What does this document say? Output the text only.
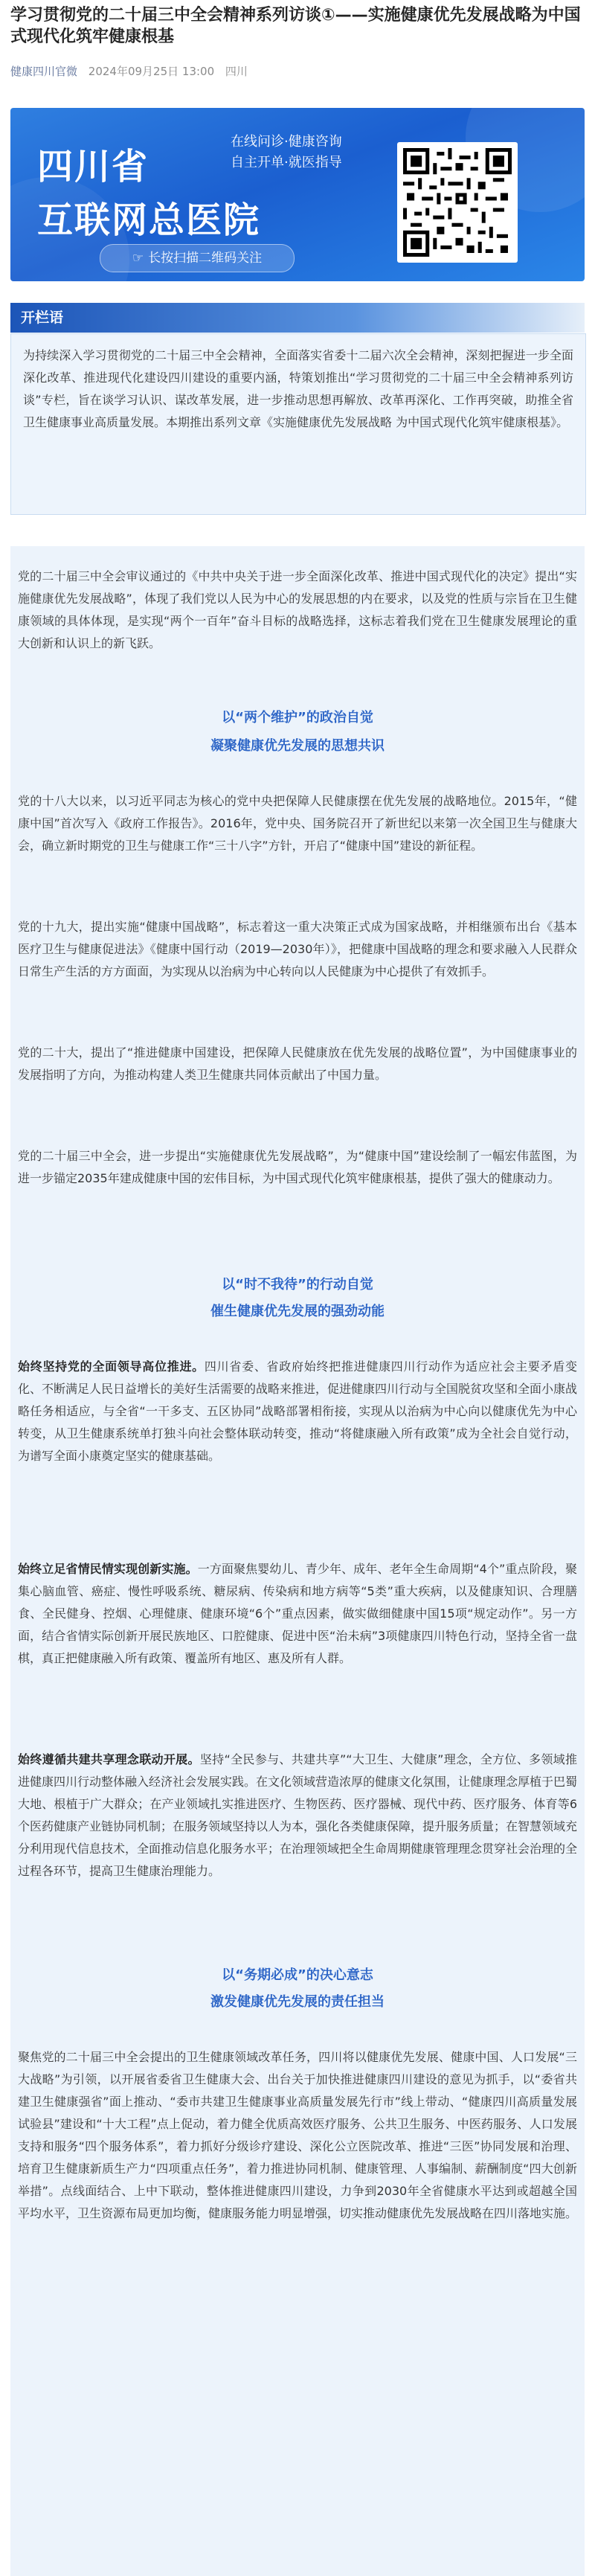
学习贯彻党的二十届三中全会精神系列访谈①——实施健康优先发展战略为中国式现代化筑牢健康根基
健康四川官微 2024年09月25日 13:00 四川
四川省
在线问诊·健康咨询
自主开单·就医指导
互联网总医院
☞ 长按扫描二维码关注
开栏语
为持续深入学习贯彻党的二十届三中全会精神，全面落实省委十二届六次全会精神，深刻把握进一步全面深化改革、推进现代化建设四川建设的重要内涵，特策划推出“学习贯彻党的二十届三中全会精神系列访谈”专栏，旨在谈学习认识、谋改革发展，进一步推动思想再解放、改革再深化、工作再突破，助推全省卫生健康事业高质量发展。本期推出系列文章《实施健康优先发展战略 为中国式现代化筑牢健康根基》。

党的二十届三中全会审议通过的《中共中央关于进一步全面深化改革、推进中国式现代化的决定》提出“实施健康优先发展战略”，体现了我们党以人民为中心的发展思想的内在要求，以及党的性质与宗旨在卫生健康领域的具体体现，是实现“两个一百年”奋斗目标的战略选择，这标志着我们党在卫生健康发展理论的重大创新和认识上的新飞跃。

以“两个维护”的政治自觉
凝聚健康优先发展的思想共识

党的十八大以来，以习近平同志为核心的党中央把保障人民健康摆在优先发展的战略地位。2015年，“健康中国”首次写入《政府工作报告》。2016年，党中央、国务院召开了新世纪以来第一次全国卫生与健康大会，确立新时期党的卫生与健康工作“三十八字”方针，开启了“健康中国”建设的新征程。

党的十九大，提出实施“健康中国战略”，标志着这一重大决策正式成为国家战略，并相继颁布出台《基本医疗卫生与健康促进法》《健康中国行动（2019—2030年）》，把健康中国战略的理念和要求融入人民群众日常生产生活的方方面面，为实现从以治病为中心转向以人民健康为中心提供了有效抓手。

党的二十大，提出了“推进健康中国建设，把保障人民健康放在优先发展的战略位置”，为中国健康事业的发展指明了方向，为推动构建人类卫生健康共同体贡献出了中国力量。

党的二十届三中全会，进一步提出“实施健康优先发展战略”，为“健康中国”建设绘制了一幅宏伟蓝图，为进一步锚定2035年建成健康中国的宏伟目标，为中国式现代化筑牢健康根基，提供了强大的健康动力。

以“时不我待”的行动自觉
催生健康优先发展的强劲动能

始终坚持党的全面领导高位推进。四川省委、省政府始终把推进健康四川行动作为适应社会主要矛盾变化、不断满足人民日益增长的美好生活需要的战略来推进，促进健康四川行动与全国脱贫攻坚和全面小康战略任务相适应，与全省“一干多支、五区协同”战略部署相衔接，实现从以治病为中心向以健康优先为中心转变，从卫生健康系统单打独斗向社会整体联动转变，推动“将健康融入所有政策”成为全社会自觉行动，为谱写全面小康奠定坚实的健康基础。

始终立足省情民情实现创新实施。一方面聚焦婴幼儿、青少年、成年、老年全生命周期“4个”重点阶段，聚集心脑血管、癌症、慢性呼吸系统、糖尿病、传染病和地方病等“5类”重大疾病，以及健康知识、合理膳食、全民健身、控烟、心理健康、健康环境“6个”重点因素，做实做细健康中国15项“规定动作”。另一方面，结合省情实际创新开展民族地区、口腔健康、促进中医“治未病”3项健康四川特色行动，坚持全省一盘棋，真正把健康融入所有政策、覆盖所有地区、惠及所有人群。

始终遵循共建共享理念联动开展。坚持“全民参与、共建共享”“大卫生、大健康”理念，全方位、多领域推进健康四川行动整体融入经济社会发展实践。在文化领域营造浓厚的健康文化氛围，让健康理念厚植于巴蜀大地、根植于广大群众；在产业领域扎实推进医疗、生物医药、医疗器械、现代中药、医疗服务、体育等6个医药健康产业链协同机制；在服务领域坚持以人为本，强化各类健康保障，提升服务质量；在智慧领域充分利用现代信息技术，全面推动信息化服务水平；在治理领域把全生命周期健康管理理念贯穿社会治理的全过程各环节，提高卫生健康治理能力。

以“务期必成”的决心意志
激发健康优先发展的责任担当

聚焦党的二十届三中全会提出的卫生健康领域改革任务，四川将以健康优先发展、健康中国、人口发展“三大战略”为引领，以开展省委省卫生健康大会、出台关于加快推进健康四川建设的意见为抓手，以“委省共建卫生健康强省”面上推动、“委市共建卫生健康事业高质量发展先行市”线上带动、“健康四川高质量发展试验县”建设和“十大工程”点上促动，着力健全优质高效医疗服务、公共卫生服务、中医药服务、人口发展支持和服务“四个服务体系”，着力抓好分级诊疗建设、深化公立医院改革、推进“三医”协同发展和治理、培育卫生健康新质生产力“四项重点任务”，着力推进协同机制、健康管理、人事编制、薪酬制度“四大创新举措”。点线面结合、上中下联动，整体推进健康四川建设，力争到2030年全省健康水平达到或超越全国平均水平，卫生资源布局更加均衡，健康服务能力明显增强，切实推动健康优先发展战略在四川落地实施。
